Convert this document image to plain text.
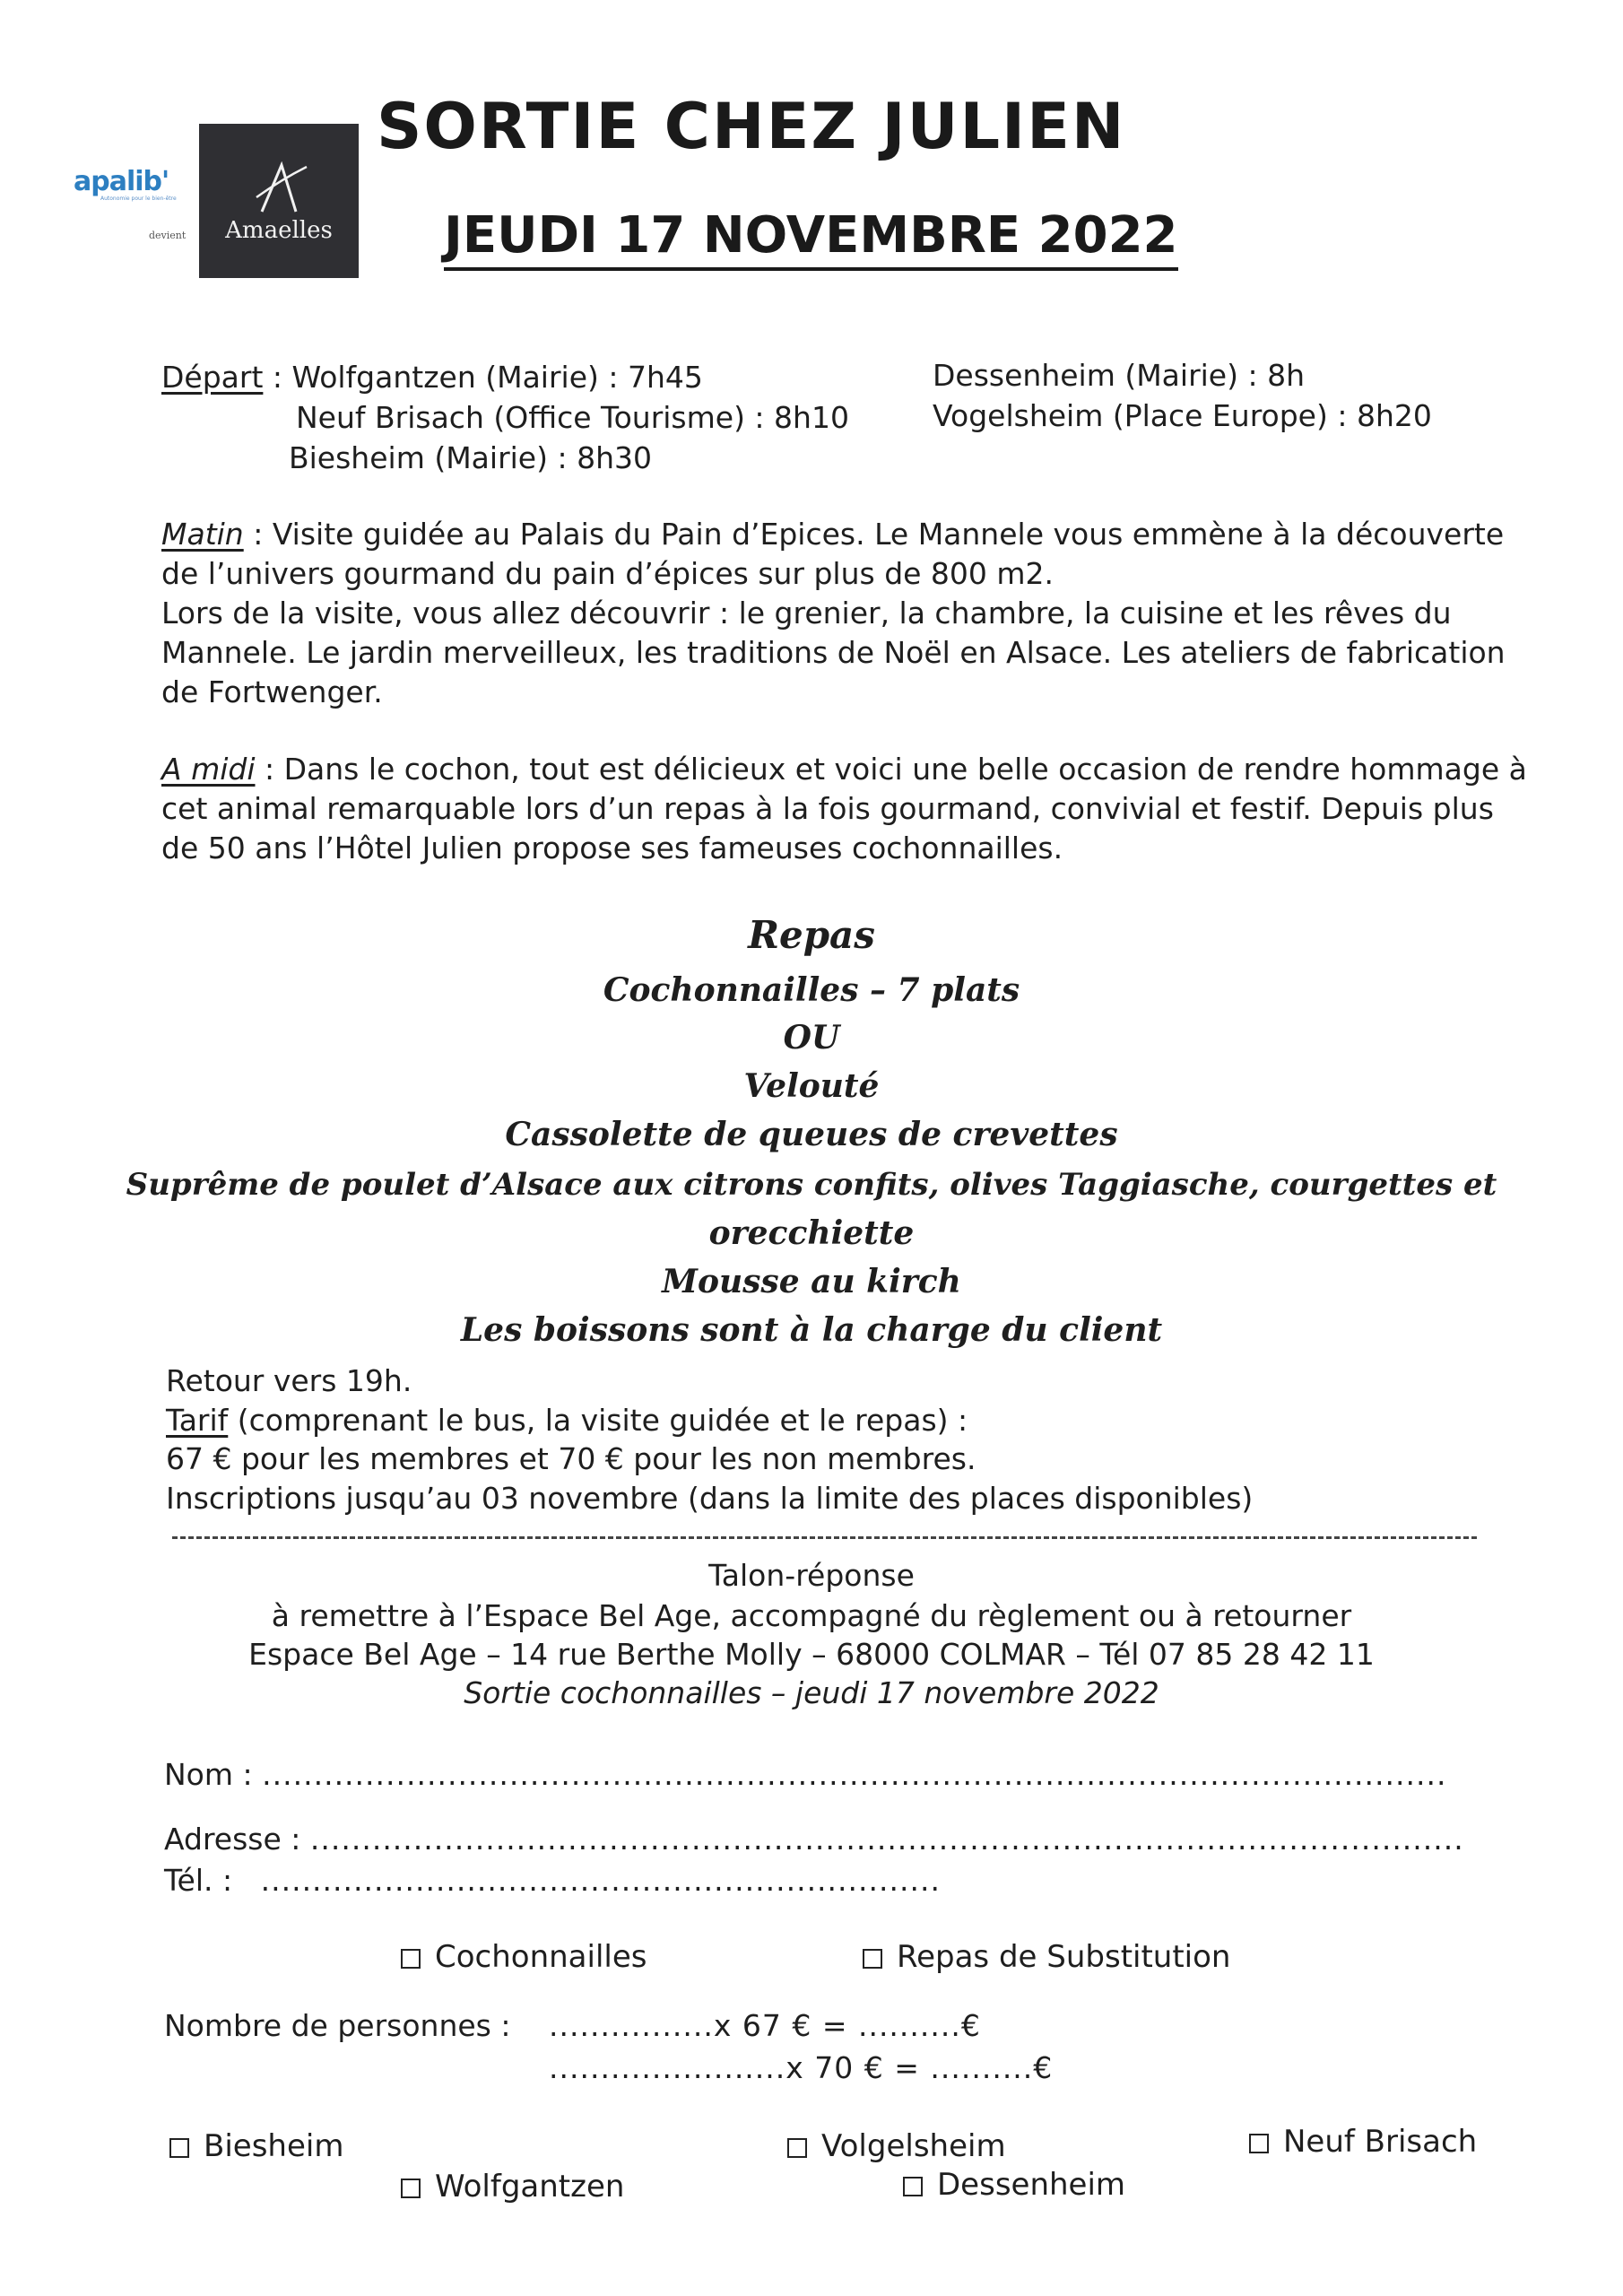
apalib'
Autonomie pour le bien-être
devient	Amaelles
SORTIE CHEZ JULIEN
JEUDI 17 NOVEMBRE 2022
Départ : Wolfgantzen (Mairie) : 7h45
Neuf Brisach (Office Tourisme) : 8h10
Biesheim (Mairie) : 8h30
Dessenheim (Mairie) : 8h
Vogelsheim (Place Europe) : 8h20
Matin : Visite guidée au Palais du Pain d’Epices. Le Mannele vous emmène à la découverte
de l’univers gourmand du pain d’épices sur plus de 800 m2.
Lors de la visite, vous allez découvrir : le grenier, la chambre, la cuisine et les rêves du
Mannele. Le jardin merveilleux, les traditions de Noël en Alsace. Les ateliers de fabrication
de Fortwenger.
A midi : Dans le cochon, tout est délicieux et voici une belle occasion de rendre hommage à
cet animal remarquable lors d’un repas à la fois gourmand, convivial et festif. Depuis plus
de 50 ans l’Hôtel Julien propose ses fameuses cochonnailles.
Repas
Cochonnailles – 7 plats
OU
Velouté
Cassolette de queues de crevettes
Suprême de poulet d’Alsace aux citrons confits, olives Taggiasche, courgettes et
orecchiette
Mousse au kirch
Les boissons sont à la charge du client
Retour vers 19h.
Tarif (comprenant le bus, la visite guidée et le repas) :
67 € pour les membres et 70 € pour les non membres.
Inscriptions jusqu’au 03 novembre (dans la limite des places disponibles)
Talon-réponse
à remettre à l’Espace Bel Age, accompagné du règlement ou à retourner
Espace Bel Age – 14 rue Berthe Molly – 68000 COLMAR – Tél 07 85 28 42 11
Sortie cochonnailles – jeudi 17 novembre 2022
Nom : ...................................................................................................................
Adresse : ................................................................................................................
Tél. : ..................................................................
Cochonnailles	Repas de Substitution
Nombre de personnes : ................x 67 € = ..........€
.......................x 70 € = ..........€
Biesheim	Volgelsheim	Neuf Brisach
Wolfgantzen	Dessenheim
